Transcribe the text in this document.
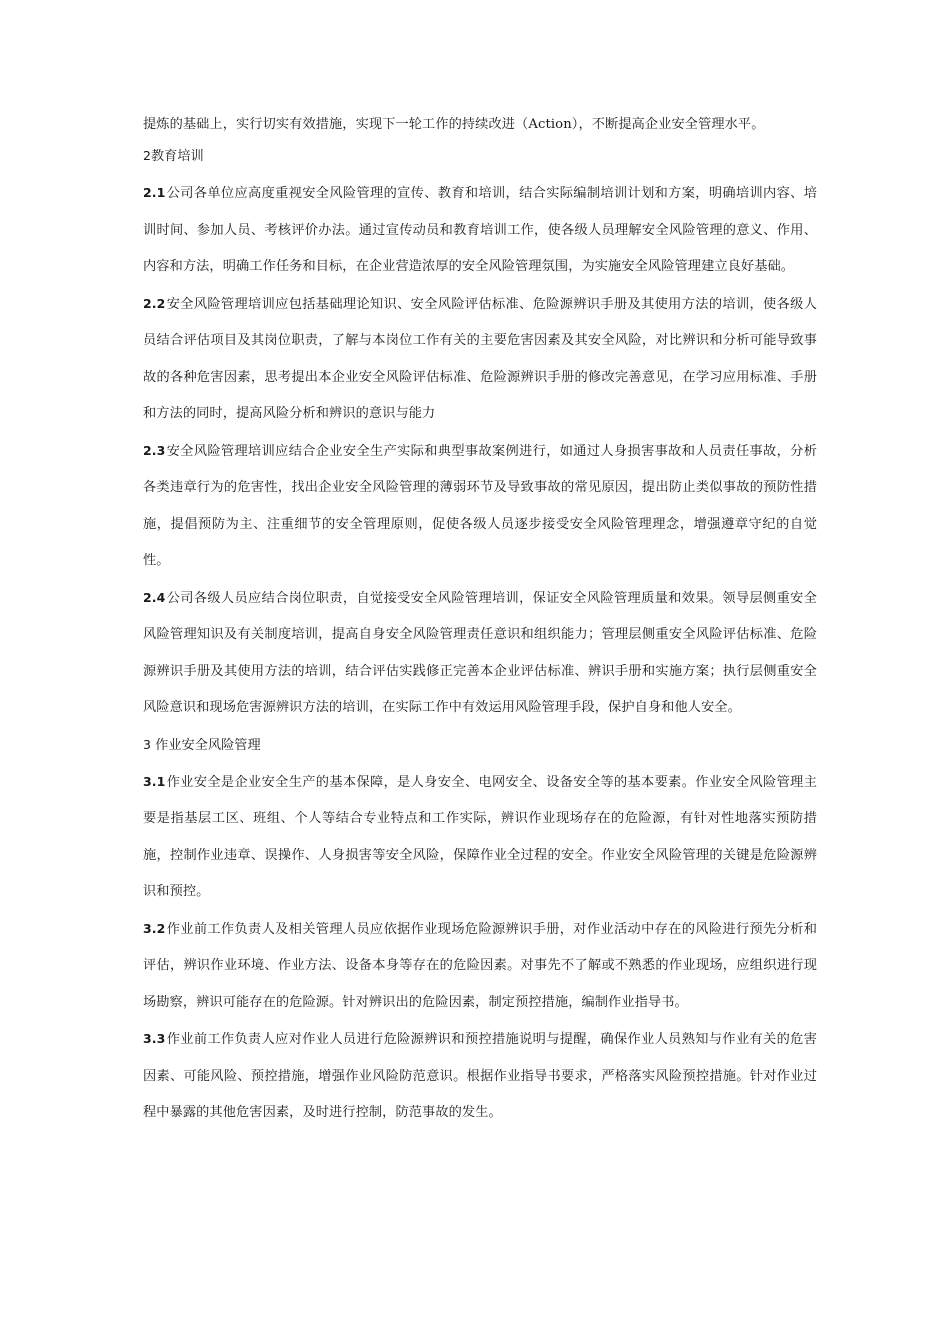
提炼的基础上，实行切实有效措施，实现下一轮工作的持续改进（Action），不断提高企业安全管理水平。

2教育培训

2.1公司各单位应高度重视安全风险管理的宣传、教育和培训，结合实际编制培训计划和方案，明确培训内容、培训时间、参加人员、考核评价办法。通过宣传动员和教育培训工作，使各级人员理解安全风险管理的意义、作用、内容和方法，明确工作任务和目标，在企业营造浓厚的安全风险管理氛围，为实施安全风险管理建立良好基础。

2.2安全风险管理培训应包括基础理论知识、安全风险评估标准、危险源辨识手册及其使用方法的培训，使各级人员结合评估项目及其岗位职责，了解与本岗位工作有关的主要危害因素及其安全风险，对比辨识和分析可能导致事故的各种危害因素，思考提出本企业安全风险评估标准、危险源辨识手册的修改完善意见，在学习应用标准、手册和方法的同时，提高风险分析和辨识的意识与能力

2.3安全风险管理培训应结合企业安全生产实际和典型事故案例进行，如通过人身损害事故和人员责任事故，分析各类违章行为的危害性，找出企业安全风险管理的薄弱环节及导致事故的常见原因，提出防止类似事故的预防性措施，提倡预防为主、注重细节的安全管理原则，促使各级人员逐步接受安全风险管理理念，增强遵章守纪的自觉性。

2.4公司各级人员应结合岗位职责，自觉接受安全风险管理培训，保证安全风险管理质量和效果。领导层侧重安全风险管理知识及有关制度培训，提高自身安全风险管理责任意识和组织能力；管理层侧重安全风险评估标准、危险源辨识手册及其使用方法的培训，结合评估实践修正完善本企业评估标准、辨识手册和实施方案；执行层侧重安全风险意识和现场危害源辨识方法的培训，在实际工作中有效运用风险管理手段，保护自身和他人安全。

3 作业安全风险管理

3.1作业安全是企业安全生产的基本保障，是人身安全、电网安全、设备安全等的基本要素。作业安全风险管理主要是指基层工区、班组、个人等结合专业特点和工作实际，辨识作业现场存在的危险源，有针对性地落实预防措施，控制作业违章、误操作、人身损害等安全风险，保障作业全过程的安全。作业安全风险管理的关键是危险源辨识和预控。

3.2作业前工作负责人及相关管理人员应依据作业现场危险源辨识手册，对作业活动中存在的风险进行预先分析和评估，辨识作业环境、作业方法、设备本身等存在的危险因素。对事先不了解或不熟悉的作业现场，应组织进行现场勘察，辨识可能存在的危险源。针对辨识出的危险因素，制定预控措施，编制作业指导书。

3.3作业前工作负责人应对作业人员进行危险源辨识和预控措施说明与提醒，确保作业人员熟知与作业有关的危害因素、可能风险、预控措施，增强作业风险防范意识。根据作业指导书要求，严格落实风险预控措施。针对作业过程中暴露的其他危害因素，及时进行控制，防范事故的发生。
